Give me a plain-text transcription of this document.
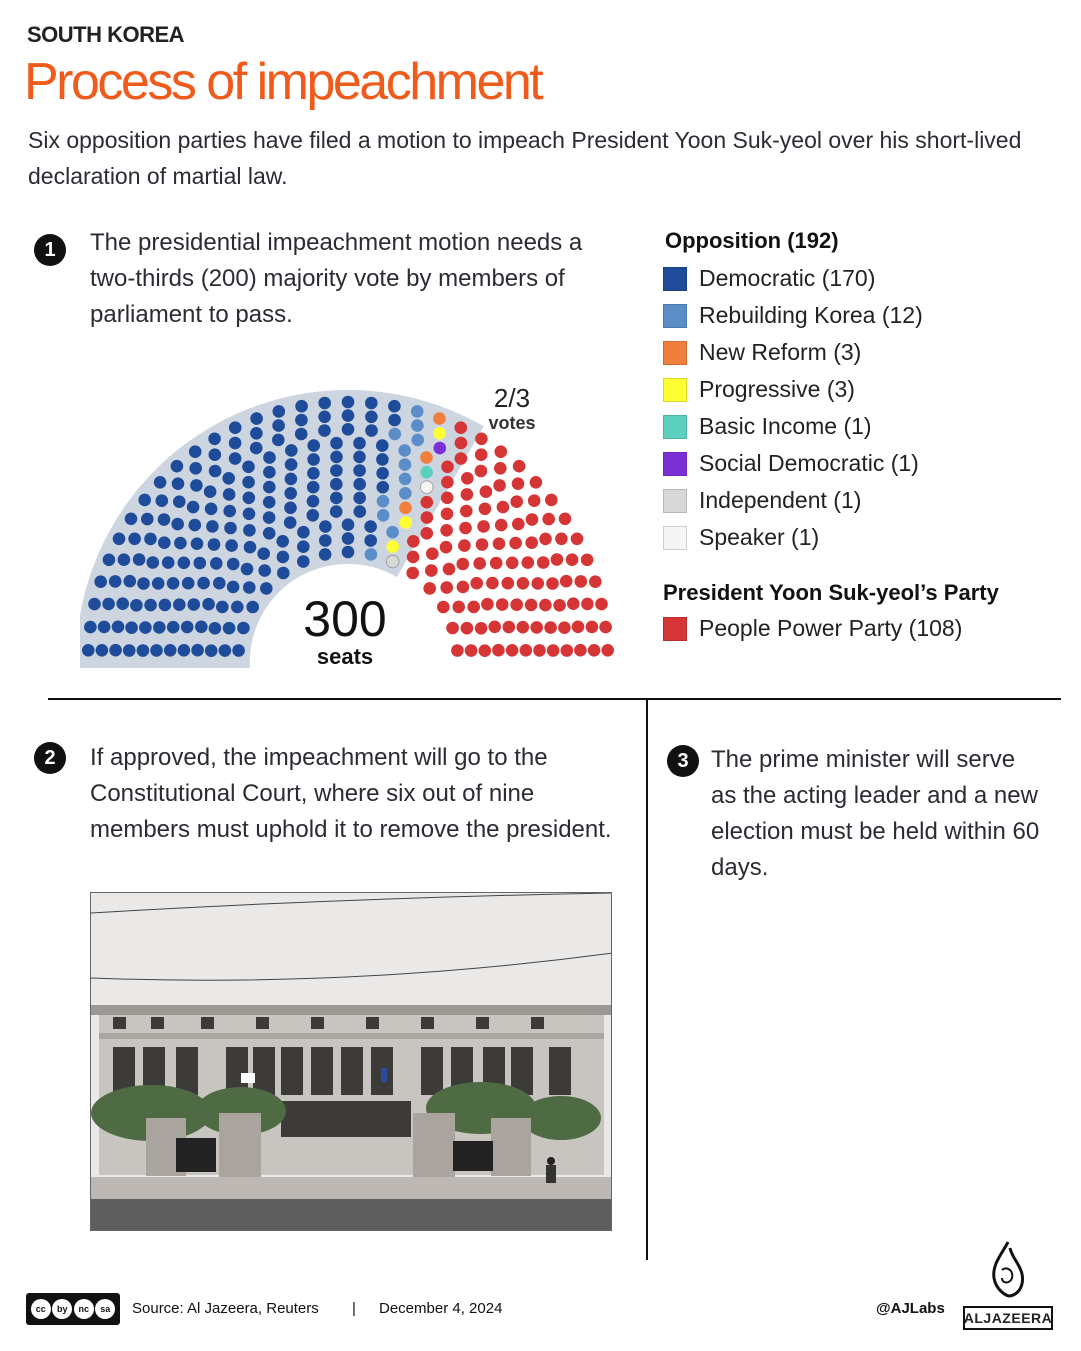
SOUTH KOREA
Process of impeachment
Six opposition parties have filed a motion to impeach President Yoon Suk-yeol over his short-lived declaration of martial law.
1	The presidential impeachment motion needs a two-thirds (200) majority vote by members of parliament to pass.
2/3
votes
300
seats
Opposition (192)
Democratic (170)
Rebuilding Korea (12)
New Reform (3)
Progressive (3)
Basic Income (1)
Social Democratic (1)
Independent (1)
Speaker (1)
President Yoon Suk-yeol’s Party
People Power Party (108)
2	If approved, the impeachment will go to the Constitutional Court, where six out of nine members must uphold it to remove the president.
3 The prime minister will serve as the acting leader and a new election must be held within 60 days.
cc	by	nc	sa	Source: Al Jazeera, Reuters | December 4, 2024	@AJLabs
ALJAZEERA
